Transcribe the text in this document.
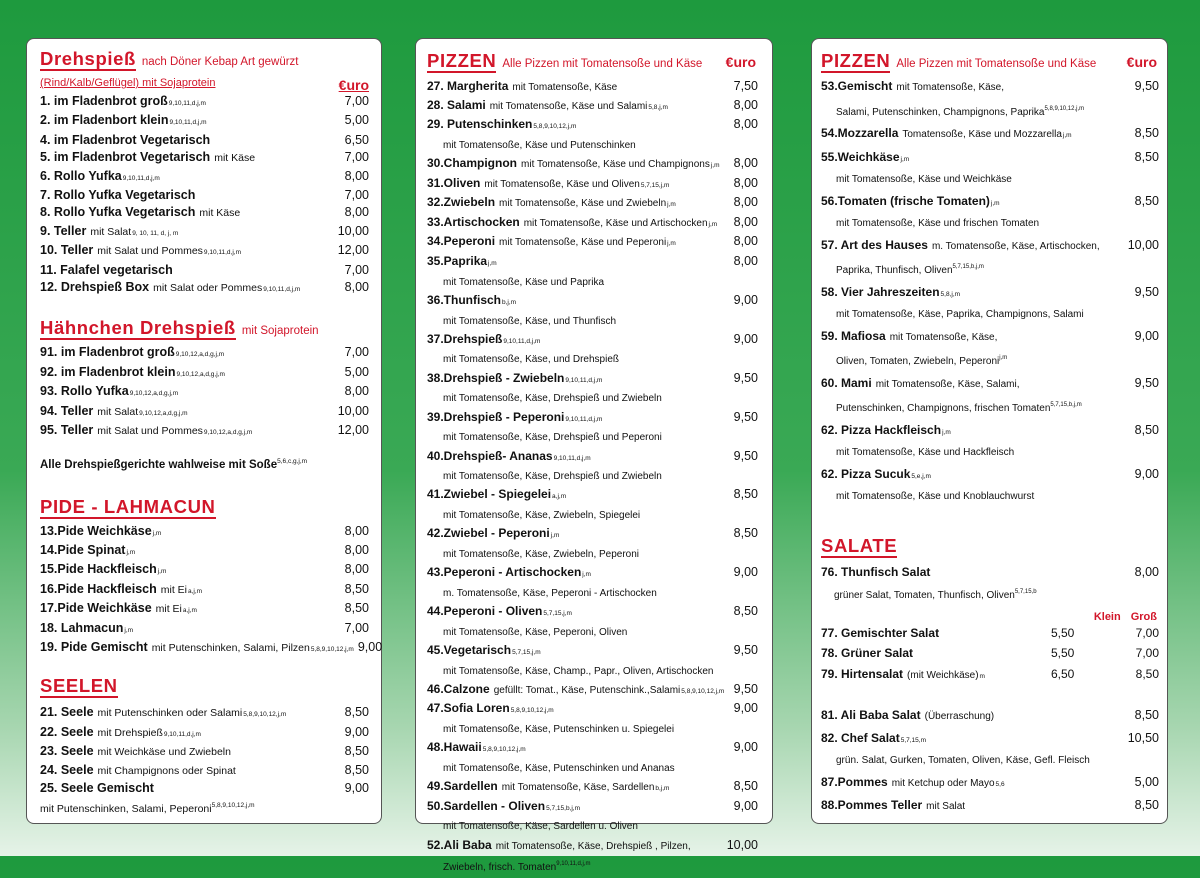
Drehspieß nach Döner Kebap Art gewürzt
(Rind/Kalb/Geflügel) mit Sojaprotein	€uro
1. im Fladenbrot groß 9,10,11,d,j,m	7,00
2. im Fladenbort klein 9,10,11,d,j,m	5,00
4. im Fladenbrot Vegetarisch	6,50
5. im Fladenbrot Vegetarisch mit Käse	7,00
6. Rollo Yufka 9,10,11,d,j,m	8,00
7. Rollo Yufka Vegetarisch	7,00
8. Rollo Yufka Vegetarisch mit Käse	8,00
9. Teller mit Salat 9, 10, 11, d, j, m	10,00
10. Teller mit Salat und Pommes 9,10,11,d,j,m	12,00
11. Falafel vegetarisch	7,00
12. Drehspieß Box mit Salat oder Pommes 9,10,11,d,j,m	8,00
Hähnchen Drehspieß mit Sojaprotein
91. im Fladenbrot groß 9,10,12,a,d,g,j,m	7,00
92. im Fladenbrot klein 9,10,12,a,d,g,j,m	5,00
93. Rollo Yufka 9,10,12,a,d,g,j,m	8,00
94. Teller mit Salat 9,10,12,a,d,g,j,m	10,00
95. Teller mit Salat und Pommes 9,10,12,a,d,g,j,m	12,00
Alle Drehspießgerichte wahlweise mit Soße$^{5,6,c,g,j,m}$
PIDE - LAHMACUN
13.Pide Weichkäse j,m	8,00
14.Pide Spinat j,m	8,00
15.Pide Hackfleisch j,m	8,00
16.Pide Hackfleisch mit Ei a,j,m	8,50
17.Pide Weichkäse mit Ei a,j,m	8,50
18. Lahmacun j,m	7,00
19. Pide Gemischt mit Putenschinken, Salami, Pilzen 5,8,9,10,12,j,m 9,00
SEELEN
21. Seele mit Putenschinken oder Salami 5,8,9,10,12,j,m	8,50
22. Seele mit Drehspieß 9,10,11,d,j,m	9,00
23. Seele mit Weichkäse und Zwiebeln	8,50
24. Seele mit Champignons oder Spinat	8,50
25. Seele Gemischt	9,00
mit Putenschinken, Salami, Peperoni$^{5,8,9,10,12,j,m}$
PIZZEN Alle Pizzen mit Tomatensoße und Käse €uro
27. Margherita mit Tomatensoße, Käse	7,50
28. Salami mit Tomatensoße, Käse und Salami 5,8,j,m	8,00
29. Putenschinken$_{5,8,9,10,12,j,m}$	8,00
mit Tomatensoße, Käse und Putenschinken
30.Champignon mit Tomatensoße, Käse und Champignons j,m	8,00
31.Oliven mit Tomatensoße, Käse und Oliven 5,7,15,j,m	8,00
32.Zwiebeln mit Tomatensoße, Käse und Zwiebeln j,m	8,00
33.Artischocken mit Tomatensoße, Käse und Artischocken j,m	8,00
34.Peperoni mit Tomatensoße, Käse und Peperoni j,m	8,00
35.Paprika$_{j,m}$	8,00
mit Tomatensoße, Käse und Paprika
36.Thunfisch$_{b,j,m}$	9,00
mit Tomatensoße, Käse, und Thunfisch
37.Drehspieß$_{9,10,11,d,j,m}$	9,00
mit Tomatensoße, Käse, und Drehspieß
38.Drehspieß - Zwiebeln$_{9,10,11,d,j,m}$	9,50
mit Tomatensoße, Käse, Drehspieß und Zwiebeln
39.Drehspieß - Peperoni$_{9,10,11,d,j,m}$	9,50
mit Tomatensoße, Käse, Drehspieß und Peperoni
40.Drehspieß- Ananas$_{9,10,11,d,j,m}$	9,50
mit Tomatensoße, Käse, Drehspieß und Zwiebeln
41.Zwiebel - Spiegelei$_{a,j,m}$	8,50
mit Tomatensoße, Käse, Zwiebeln, Spiegelei
42.Zwiebel - Peperoni$_{j,m}$	8,50
mit Tomatensoße, Käse, Zwiebeln, Peperoni
43.Peperoni - Artischocken$_{j,m}$	9,00
m. Tomatensoße, Käse, Peperoni - Artischocken
44.Peperoni - Oliven$_{5,7,15,j,m}$	8,50
mit Tomatensoße, Käse, Peperoni, Oliven
45.Vegetarisch$_{5,7,15,j,m}$	9,50
mit Tomatensoße, Käse, Champ., Papr., Oliven, Artischocken
46.Calzone gefüllt: Tomat., Käse, Putenschink.,Salami 5,8,9,10,12,j,m 9,50
47.Sofia Loren$_{5,8,9,10,12,j,m}$	9,00
mit Tomatensoße, Käse, Putenschinken u. Spiegelei
48.Hawaii$_{5,8,9,10,12,j,m}$	9,00
mit Tomatensoße, Käse, Putenschinken und Ananas
49.Sardellen mit Tomatensoße, Käse, Sardellen b,j,m	8,50
50.Sardellen - Oliven$_{5,7,15,b,j,m}$	9,00
mit Tomatensoße, Käse, Sardellen u. Oliven
52.Ali Baba mit Tomatensoße, Käse, Drehspieß , Pilzen,	10,00
Zwiebeln, frisch. Tomaten$^{9,10,11,d,j,m}$
PIZZEN Alle Pizzen mit Tomatensoße und Käse €uro
53.Gemischt mit Tomatensoße, Käse,	9,50
Salami, Putenschinken, Champignons, Paprika$^{5,8,9,10,12,j,m}$
54.Mozzarella Tomatensoße, Käse und Mozzarella j,m	8,50
55.Weichkäse$_{j,m}$	8,50
mit Tomatensoße, Käse und Weichkäse
56.Tomaten (frische $Tomaten)_{j,m}$	8,50
mit Tomatensoße, Käse und frischen Tomaten
57. Art des Hauses m. Tomatensoße, Käse, Artischocken,	10,00
Paprika, Thunfisch, Oliven$^{5,7,15,b,j,m}$
58. Vier Jahreszeiten$_{5,8,j,m}$	9,50
mit Tomatensoße, Käse, Paprika, Champignons, Salami
59. Mafiosa mit Tomatensoße, Käse,	9,00
Oliven, Tomaten, Zwiebeln, Peperoni$^{j,m}$
60. Mami mit Tomatensoße, Käse, Salami,	9,50
Putenschinken, Champignons, frischen Tomaten$^{5,7,15,b,j,m}$
62. Pizza Hackfleisch$_{j,m}$	8,50
mit Tomatensoße, Käse und Hackfleisch
62. Pizza Sucuk$_{5,e,j,m}$	9,00
mit Tomatensoße, Käse und Knoblauchwurst
SALATE
76. Thunfisch Salat	8,00
grüner Salat, Tomaten, Thunfisch, Oliven$^{5,7,15,b}$
Klein Groß
77. Gemischter Salat	5,50	7,00
78. Grüner Salat	5,50	7,00
79. Hirtensalat (mit Weichkäse) m	6,50	8,50
81. Ali Baba Salat (Überraschung)	8,50
82. Chef Salat$_{5,7,15,m}$	10,50
grün. Salat, Gurken, Tomaten, Oliven, Käse, Gefl. Fleisch
87.Pommes mit Ketchup oder Mayo 5,6	5,00
88.Pommes Teller mit Salat	8,50
